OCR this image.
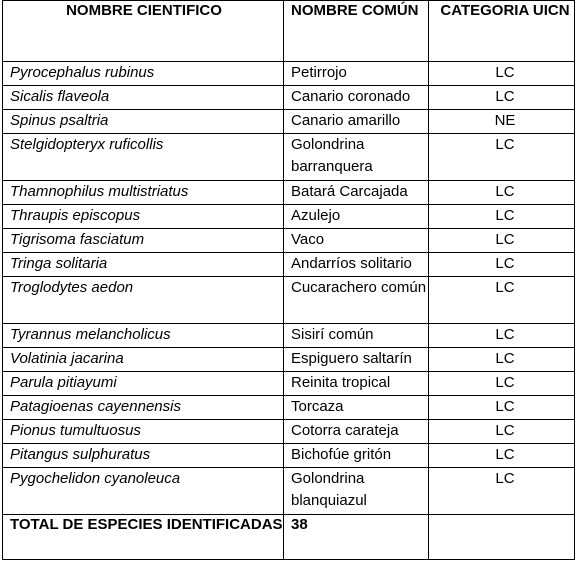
NOMBRE CIENTIFICO	NOMBRE COMÚN	CATEGORIA UICN
Pyrocephalus rubinus	Petirrojo	LC
Sicalis flaveola	Canario coronado	LC
Spinus psaltria	Canario amarillo	NE
Stelgidopteryx ruficollis	Golondrina barranquera	LC
Thamnophilus multistriatus	Batará Carcajada	LC
Thraupis episcopus	Azulejo	LC
Tigrisoma fasciatum	Vaco	LC
Tringa solitaria	Andarríos solitario	LC
Troglodytes aedon	Cucarachero común	LC
Tyrannus melancholicus	Sisirí común	LC
Volatinia jacarina	Espiguero saltarín	LC
Parula pitiayumi	Reinita tropical	LC
Patagioenas cayennensis	Torcaza	LC
Pionus tumultuosus	Cotorra carateja	LC
Pitangus sulphuratus	Bichofúe gritón	LC
Pygochelidon cyanoleuca	Golondrina blanquiazul	LC
TOTAL DE ESPECIES IDENTIFICADAS	38	
